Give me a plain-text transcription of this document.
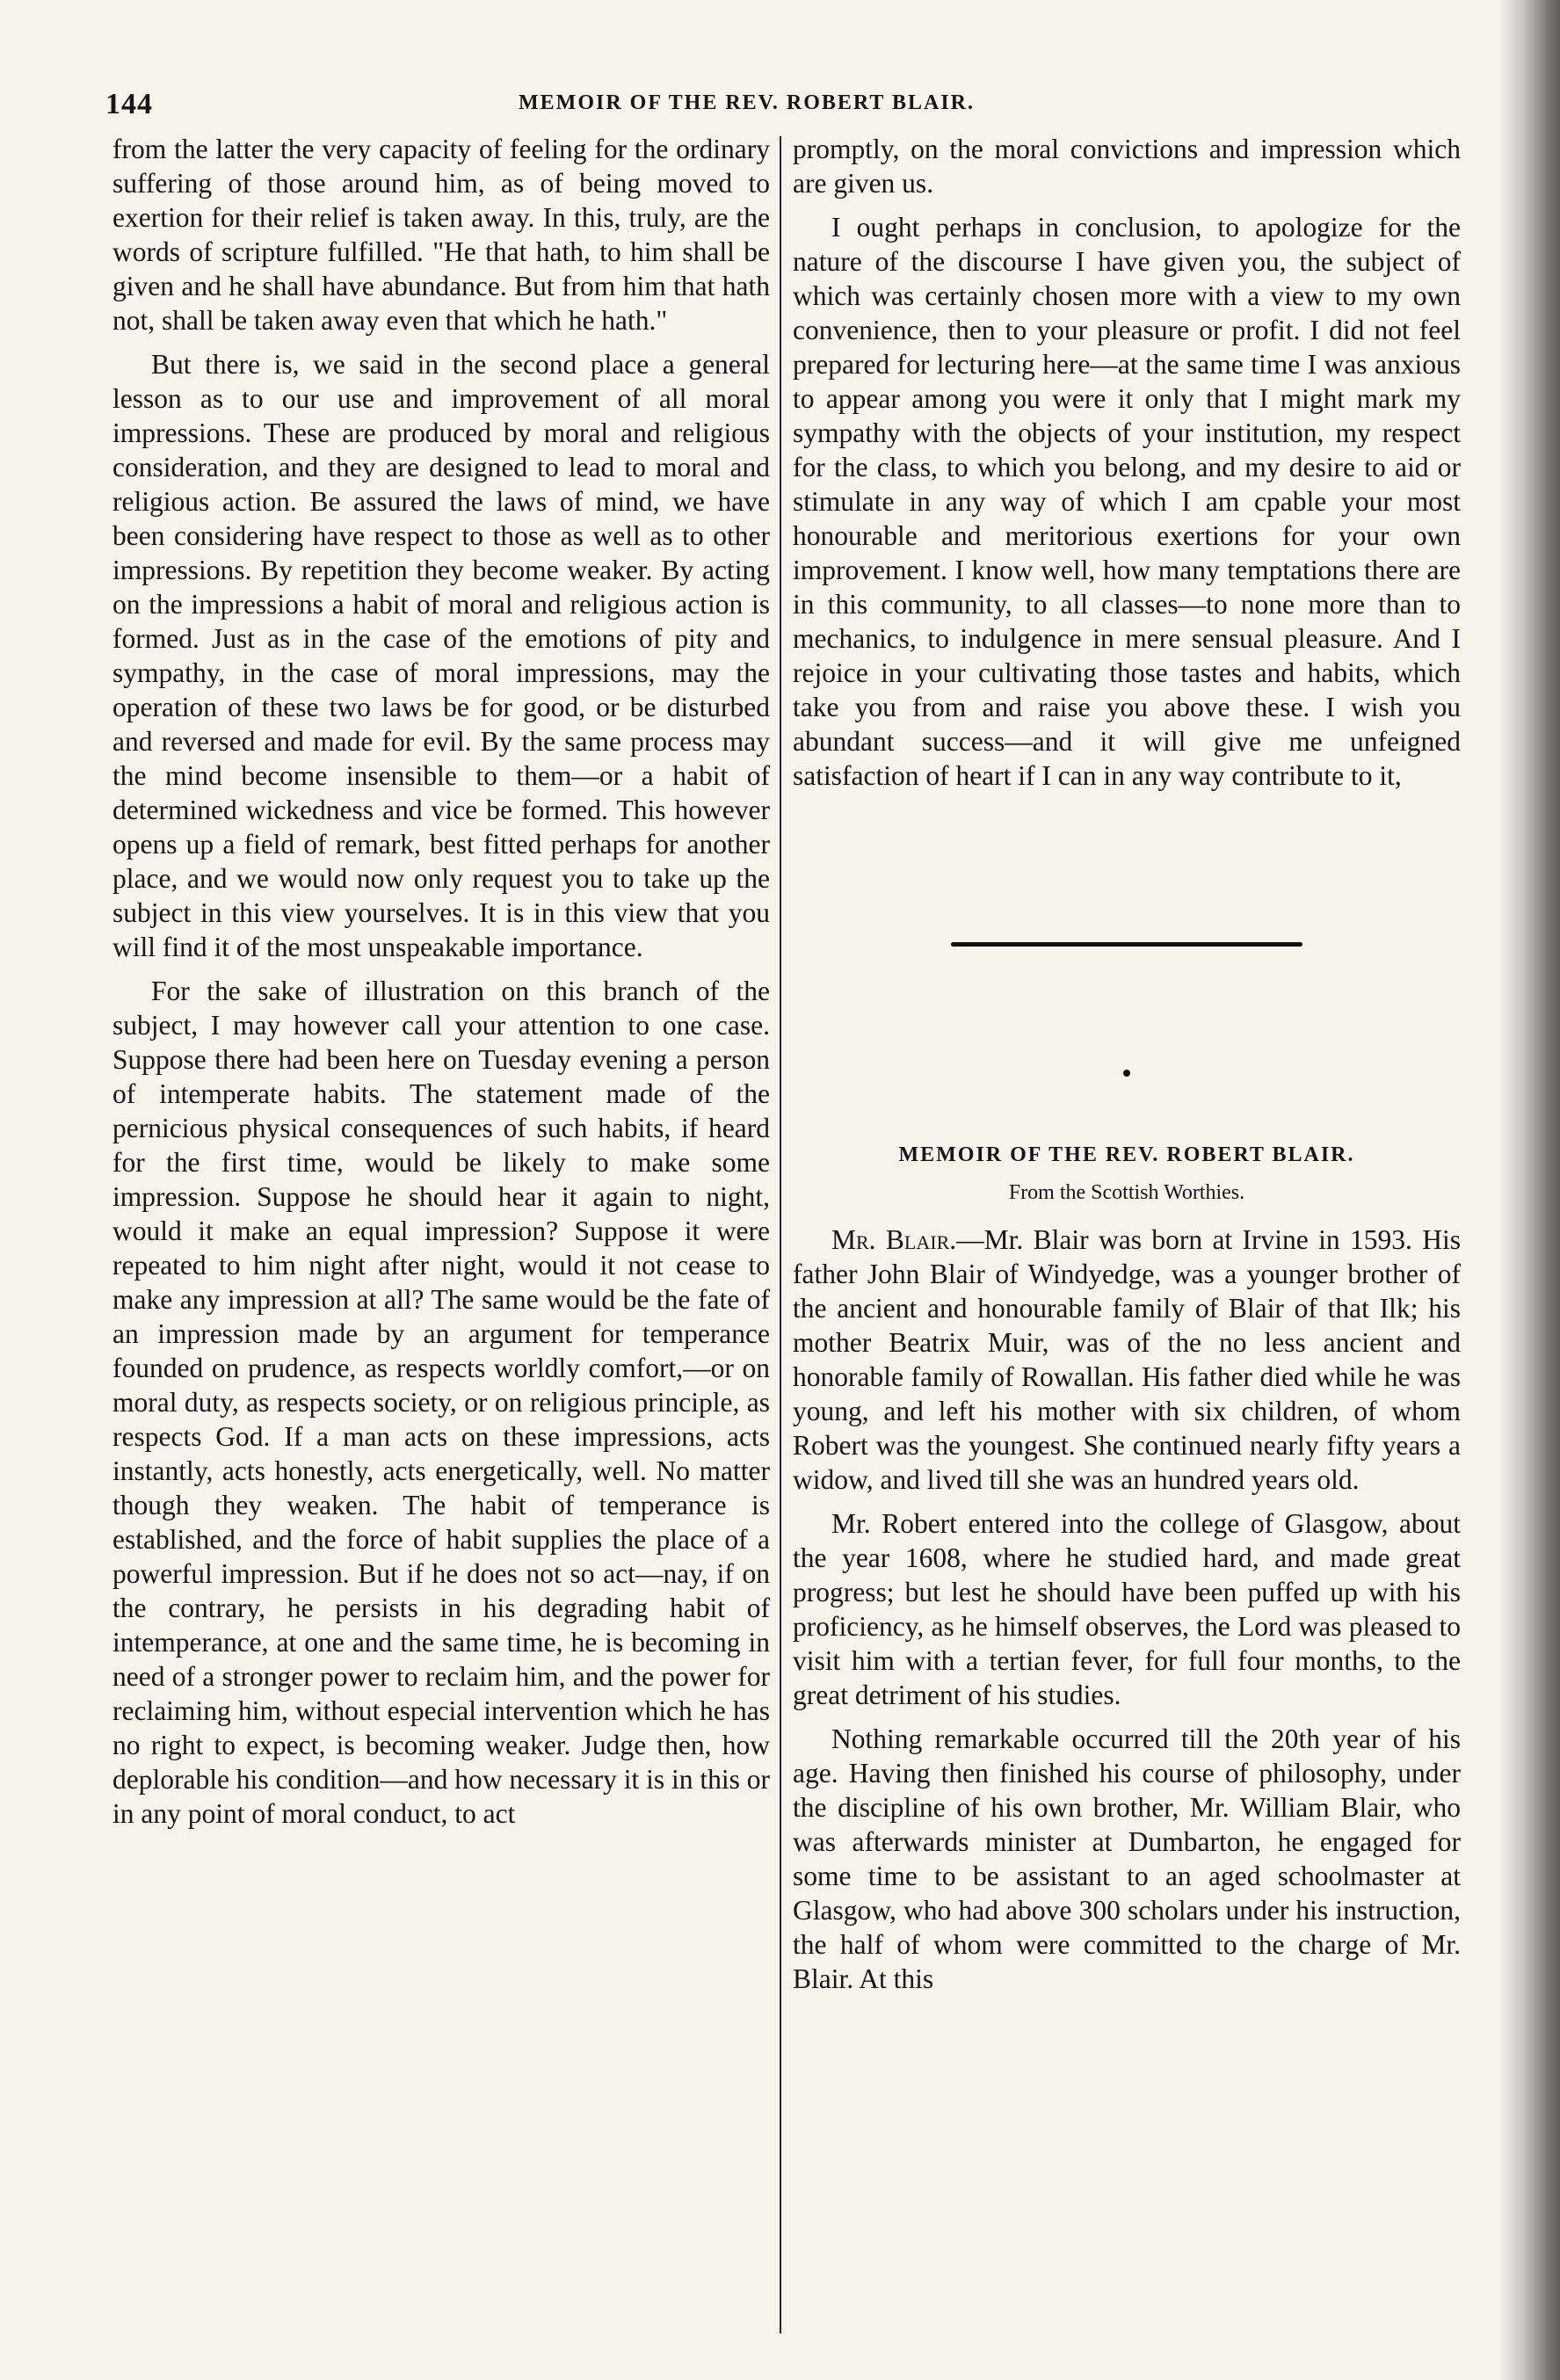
144	MEMOIR OF THE REV. ROBERT BLAIR.

from the latter the very capacity of feeling for the ordinary suffering of those around him, as of being moved to exertion for their relief is taken away. In this, truly, are the words of scripture fulfilled. "He that hath, to him shall be given and he shall have abundance. But from him that hath not, shall be taken away even that which he hath."

But there is, we said in the second place a general lesson as to our use and improvement of all moral impressions. These are produced by moral and religious consideration, and they are designed to lead to moral and religious action. Be assured the laws of mind, we have been considering have respect to those as well as to other impressions. By repetition they become weaker. By acting on the impressions a habit of moral and religious action is formed. Just as in the case of the emotions of pity and sympathy, in the case of moral impressions, may the operation of these two laws be for good, or be disturbed and reversed and made for evil. By the same process may the mind become insensible to them—or a habit of determined wickedness and vice be formed. This however opens up a field of remark, best fitted perhaps for another place, and we would now only request you to take up the subject in this view yourselves. It is in this view that you will find it of the most unspeakable importance.

For the sake of illustration on this branch of the subject, I may however call your attention to one case. Suppose there had been here on Tuesday evening a person of intemperate habits. The statement made of the pernicious physical consequences of such habits, if heard for the first time, would be likely to make some impression. Suppose he should hear it again to night, would it make an equal impression? Suppose it were repeated to him night after night, would it not cease to make any impression at all? The same would be the fate of an impression made by an argument for temperance founded on prudence, as respects worldly comfort,—or on moral duty, as respects society, or on religious principle, as respects God. If a man acts on these impressions, acts instantly, acts honestly, acts energetically, well. No matter though they weaken. The habit of temperance is established, and the force of habit supplies the place of a powerful impression. But if he does not so act—nay, if on the contrary, he persists in his degrading habit of intemperance, at one and the same time, he is becoming in need of a stronger power to reclaim him, and the power for reclaiming him, without especial intervention which he has no right to expect, is becoming weaker. Judge then, how deplorable his condition—and how necessary it is in this or in any point of moral conduct, to act

promptly, on the moral convictions and impression which are given us.

I ought perhaps in conclusion, to apologize for the nature of the discourse I have given you, the subject of which was certainly chosen more with a view to my own convenience, then to your pleasure or profit. I did not feel prepared for lecturing here—at the same time I was anxious to appear among you were it only that I might mark my sympathy with the objects of your institution, my respect for the class, to which you belong, and my desire to aid or stimulate in any way of which I am cpable your most honourable and meritorious exertions for your own improvement. I know well, how many temptations there are in this community, to all classes—to none more than to mechanics, to indulgence in mere sensual pleasure. And I rejoice in your cultivating those tastes and habits, which take you from and raise you above these. I wish you abundant success—and it will give me unfeigned satisfaction of heart if I can in any way contribute to it,

MEMOIR OF THE REV. ROBERT BLAIR.
From the Scottish Worthies.

Mr. Blair.—Mr. Blair was born at Irvine in 1593. His father John Blair of Windyedge, was a younger brother of the ancient and honourable family of Blair of that Ilk; his mother Beatrix Muir, was of the no less ancient and honorable family of Rowallan. His father died while he was young, and left his mother with six children, of whom Robert was the youngest. She continued nearly fifty years a widow, and lived till she was an hundred years old.

Mr. Robert entered into the college of Glasgow, about the year 1608, where he studied hard, and made great progress; but lest he should have been puffed up with his proficiency, as he himself observes, the Lord was pleased to visit him with a tertian fever, for full four months, to the great detriment of his studies.

Nothing remarkable occurred till the 20th year of his age. Having then finished his course of philosophy, under the discipline of his own brother, Mr. William Blair, who was afterwards minister at Dumbarton, he engaged for some time to be assistant to an aged schoolmaster at Glasgow, who had above 300 scholars under his instruction, the half of whom were committed to the charge of Mr. Blair. At this
